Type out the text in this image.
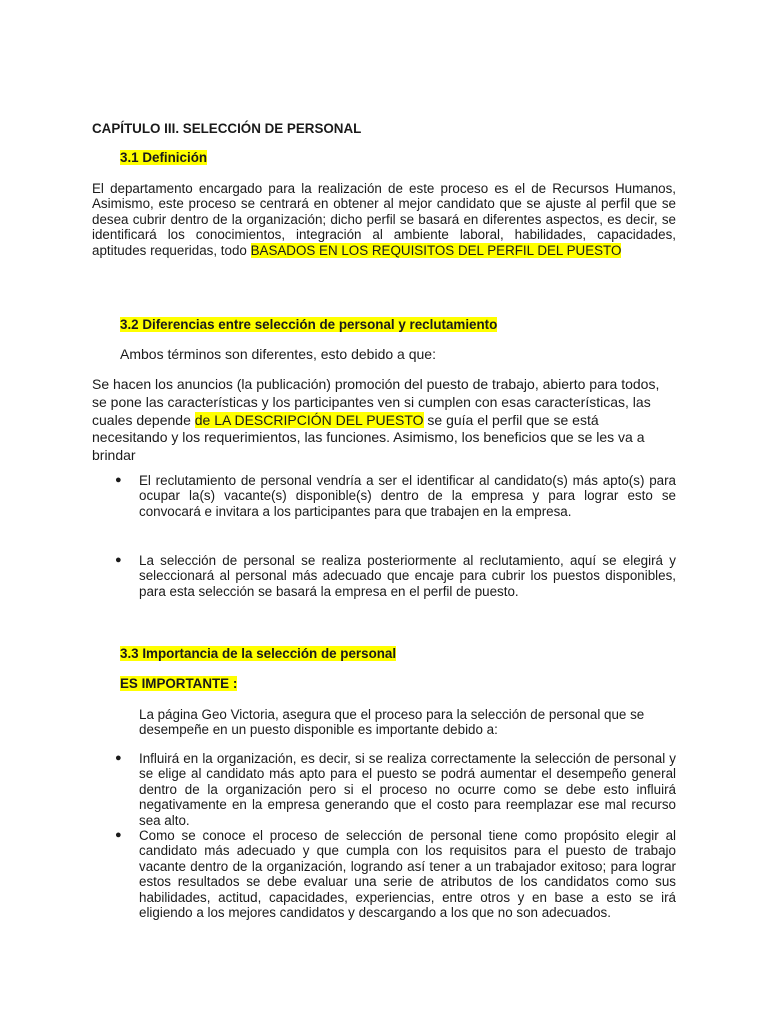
CAPÍTULO III. SELECCIÓN DE PERSONAL

3.1 Definición

El departamento encargado para la realización de este proceso es el de Recursos Humanos, Asimismo, este proceso se centrará en obtener al mejor candidato que se ajuste al perfil que se desea cubrir dentro de la organización; dicho perfil se basará en diferentes aspectos, es decir, se identificará los conocimientos, integración al ambiente laboral, habilidades, capacidades, aptitudes requeridas, todo BASADOS EN LOS REQUISITOS DEL PERFIL DEL PUESTO

3.2 Diferencias entre selección de personal y reclutamiento

Ambos términos son diferentes, esto debido a que:

Se hacen los anuncios (la publicación) promoción del puesto de trabajo, abierto para todos, se pone las características y los participantes ven si cumplen con esas características, las cuales depende de LA DESCRIPCIÓN DEL PUESTO se guía el perfil que se está necesitando y los requerimientos, las funciones. Asimismo, los beneficios que se les va a brindar

● El reclutamiento de personal vendría a ser el identificar al candidato(s) más apto(s) para ocupar la(s) vacante(s) disponible(s) dentro de la empresa y para lograr esto se convocará e invitara a los participantes para que trabajen en la empresa.
● La selección de personal se realiza posteriormente al reclutamiento, aquí se elegirá y seleccionará al personal más adecuado que encaje para cubrir los puestos disponibles, para esta selección se basará la empresa en el perfil de puesto.

3.3 Importancia de la selección de personal

ES IMPORTANTE :

La página Geo Victoria, asegura que el proceso para la selección de personal que se desempeñe en un puesto disponible es importante debido a:

● Influirá en la organización, es decir, si se realiza correctamente la selección de personal y se elige al candidato más apto para el puesto se podrá aumentar el desempeño general dentro de la organización pero si el proceso no ocurre como se debe esto influirá negativamente en la empresa generando que el costo para reemplazar ese mal recurso sea alto.
● Como se conoce el proceso de selección de personal tiene como propósito elegir al candidato más adecuado y que cumpla con los requisitos para el puesto de trabajo vacante dentro de la organización, logrando así tener a un trabajador exitoso; para lograr estos resultados se debe evaluar una serie de atributos de los candidatos como sus habilidades, actitud, capacidades, experiencias, entre otros y en base a esto se irá eligiendo a los mejores candidatos y descargando a los que no son adecuados.
